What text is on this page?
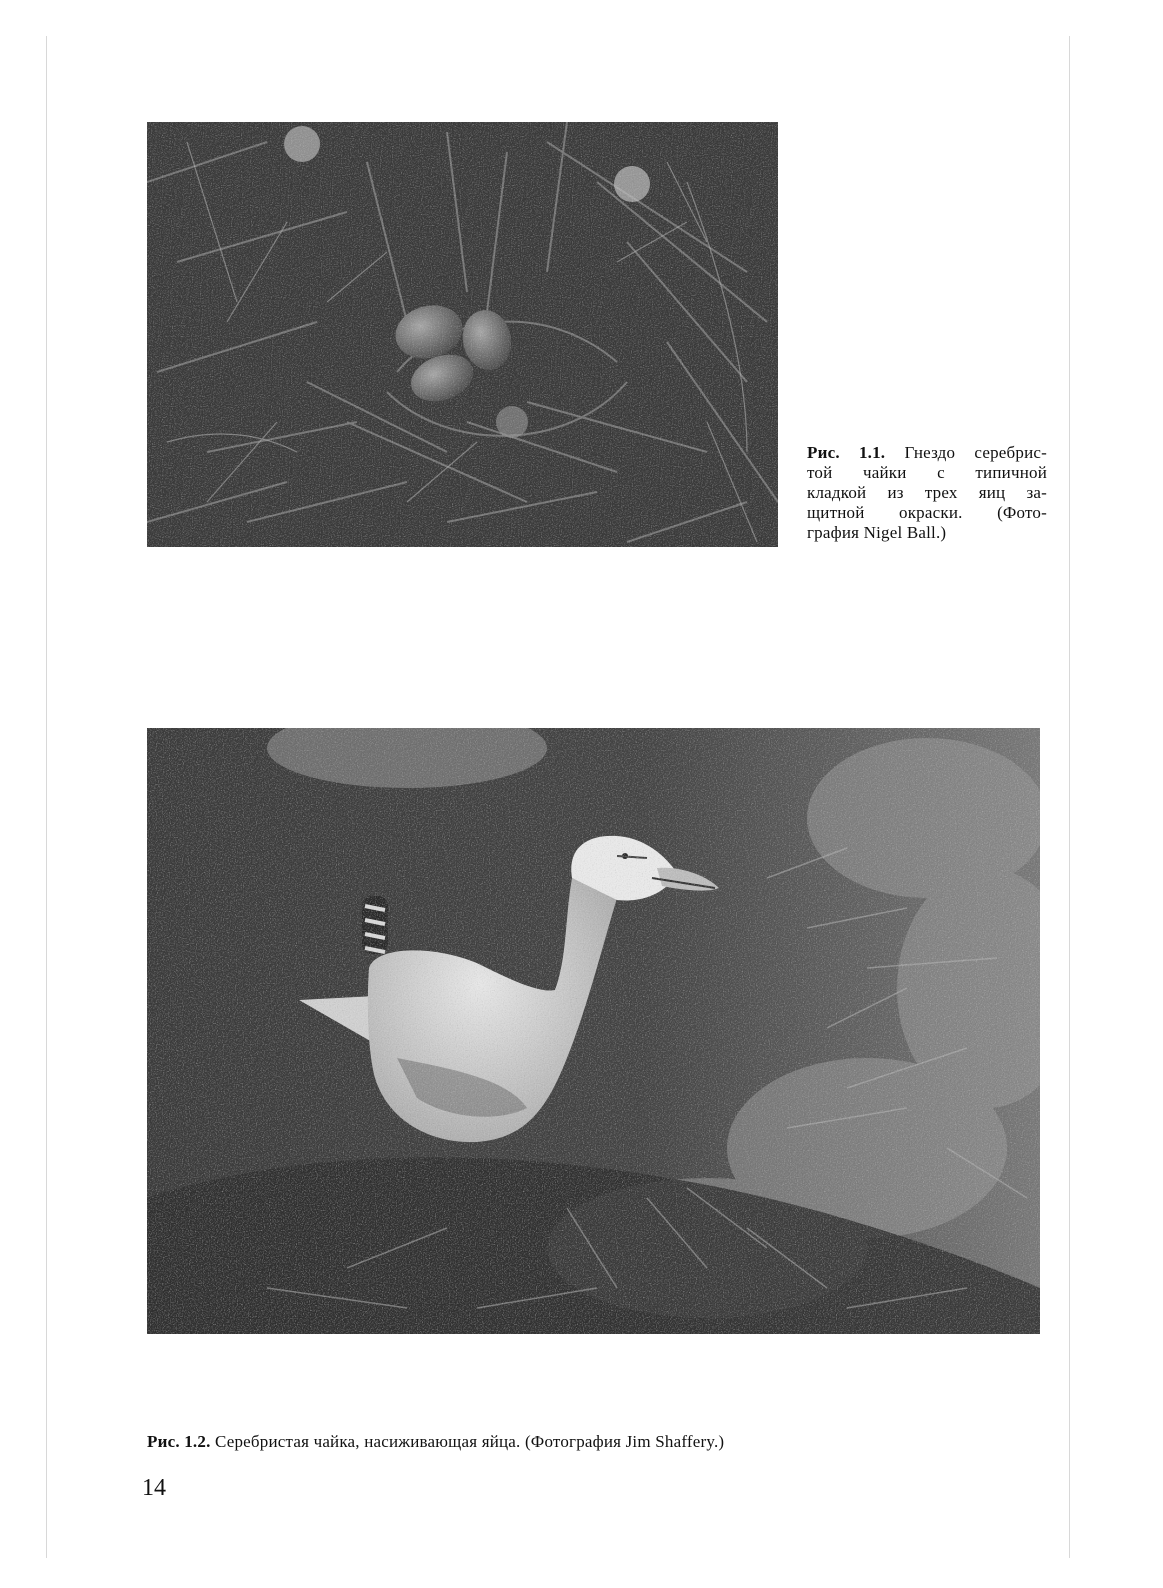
Рис. 1.1. Гнездо серебрис-
той чайки с типичной
кладкой из трех яиц за-
щитной окраски. (Фото-
графия Nigel Ball.)
Рис. 1.2. Серебристая чайка, насиживающая яйца. (Фотография Jim Shaffery.)
14
